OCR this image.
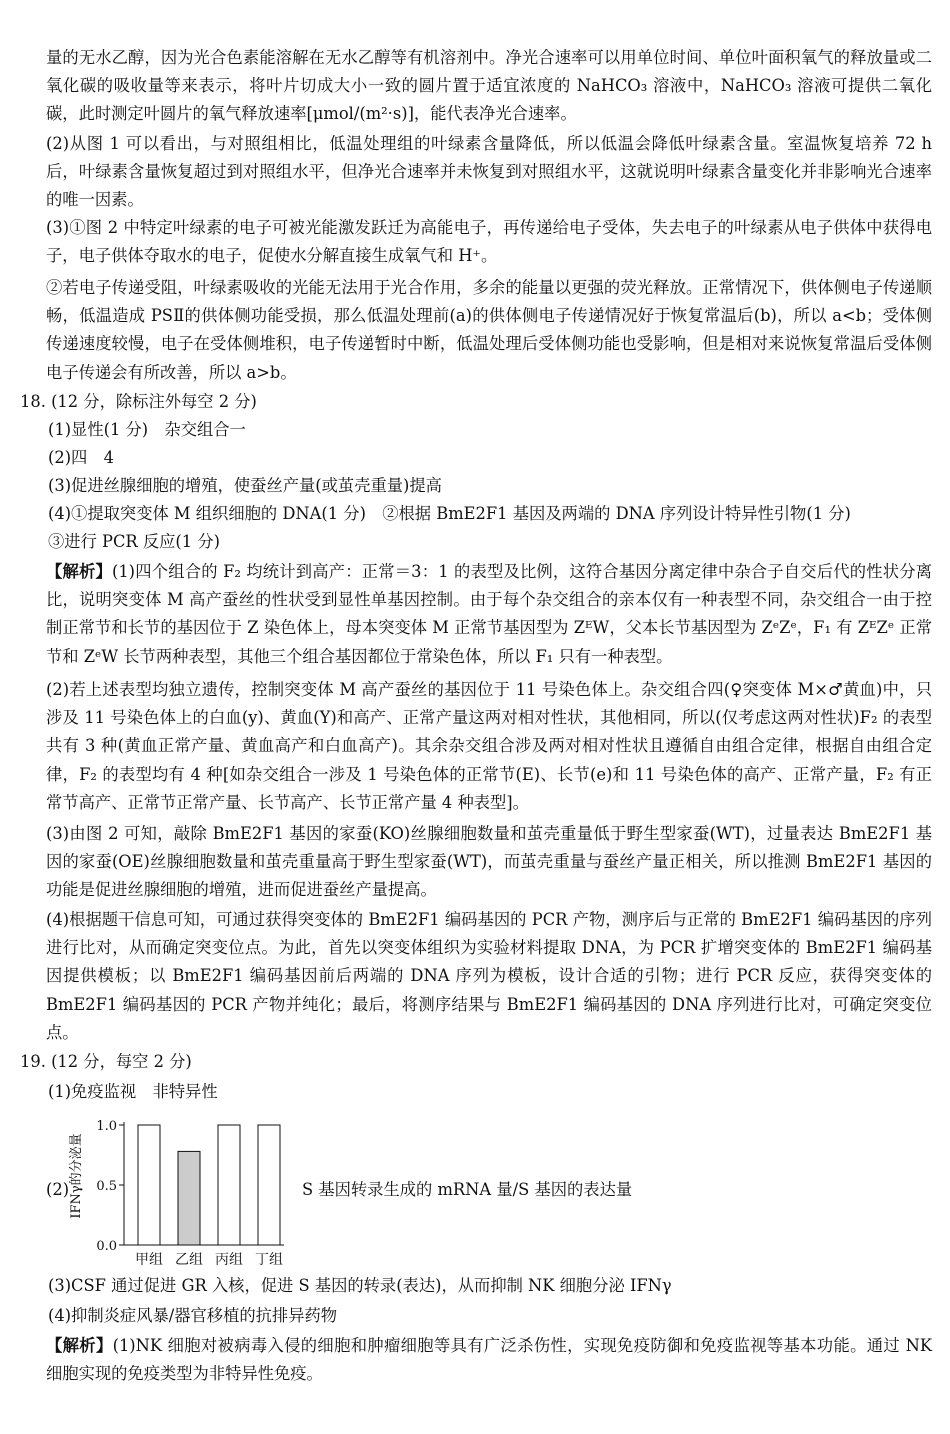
量的无水乙醇，因为光合色素能溶解在无水乙醇等有机溶剂中。净光合速率可以用单位时间、单位叶面积氧气的释放量或二氧化碳的吸收量等来表示，将叶片切成大小一致的圆片置于适宜浓度的 NaHCO₃ 溶液中，NaHCO₃ 溶液可提供二氧化碳，此时测定叶圆片的氧气释放速率[μmol/(m²·s)]，能代表净光合速率。

(2)从图 1 可以看出，与对照组相比，低温处理组的叶绿素含量降低，所以低温会降低叶绿素含量。室温恢复培养 72 h 后，叶绿素含量恢复超过到对照组水平，但净光合速率并未恢复到对照组水平，这就说明叶绿素含量变化并非影响光合速率的唯一因素。

(3)①图 2 中特定叶绿素的电子可被光能激发跃迁为高能电子，再传递给电子受体，失去电子的叶绿素从电子供体中获得电子，电子供体夺取水的电子，促使水分解直接生成氧气和 H⁺。

②若电子传递受阻，叶绿素吸收的光能无法用于光合作用，多余的能量以更强的荧光释放。正常情况下，供体侧电子传递顺畅，低温造成 PSⅡ的供体侧功能受损，那么低温处理前(a)的供体侧电子传递情况好于恢复常温后(b)，所以 a<b；受体侧传递速度较慢，电子在受体侧堆积，电子传递暂时中断，低温处理后受体侧功能也受影响，但是相对来说恢复常温后受体侧电子传递会有所改善，所以 a>b。

18. (12 分，除标注外每空 2 分)

(1)显性(1 分)　杂交组合一

(2)四　4

(3)促进丝腺细胞的增殖，使蚕丝产量(或茧壳重量)提高

(4)①提取突变体 M 组织细胞的 DNA(1 分)　②根据 BmE2F1 基因及两端的 DNA 序列设计特异性引物(1 分)

③进行 PCR 反应(1 分)

【解析】(1)四个组合的 F₂ 均统计到高产：正常＝3：1 的表型及比例，这符合基因分离定律中杂合子自交后代的性状分离比，说明突变体 M 高产蚕丝的性状受到显性单基因控制。由于每个杂交组合的亲本仅有一种表型不同，杂交组合一由于控制正常节和长节的基因位于 Z 染色体上，母本突变体 M 正常节基因型为 ZᴱW，父本长节基因型为 ZᵉZᵉ，F₁ 有 ZᴱZᵉ 正常节和 ZᵉW 长节两种表型，其他三个组合基因都位于常染色体，所以 F₁ 只有一种表型。

(2)若上述表型均独立遗传，控制突变体 M 高产蚕丝的基因位于 11 号染色体上。杂交组合四(♀突变体 M×♂黄血)中，只涉及 11 号染色体上的白血(y)、黄血(Y)和高产、正常产量这两对相对性状，其他相同，所以(仅考虑这两对性状)F₂ 的表型共有 3 种(黄血正常产量、黄血高产和白血高产)。其余杂交组合涉及两对相对性状且遵循自由组合定律，根据自由组合定律，F₂ 的表型均有 4 种[如杂交组合一涉及 1 号染色体的正常节(E)、长节(e)和 11 号染色体的高产、正常产量，F₂ 有正常节高产、正常节正常产量、长节高产、长节正常产量 4 种表型]。

(3)由图 2 可知，敲除 BmE2F1 基因的家蚕(KO)丝腺细胞数量和茧壳重量低于野生型家蚕(WT)，过量表达 BmE2F1 基因的家蚕(OE)丝腺细胞数量和茧壳重量高于野生型家蚕(WT)，而茧壳重量与蚕丝产量正相关，所以推测 BmE2F1 基因的功能是促进丝腺细胞的增殖，进而促进蚕丝产量提高。

(4)根据题干信息可知，可通过获得突变体的 BmE2F1 编码基因的 PCR 产物，测序后与正常的 BmE2F1 编码基因的序列进行比对，从而确定突变位点。为此，首先以突变体组织为实验材料提取 DNA，为 PCR 扩增突变体的 BmE2F1 编码基因提供模板；以 BmE2F1 编码基因前后两端的 DNA 序列为模板，设计合适的引物；进行 PCR 反应，获得突变体的 BmE2F1 编码基因的 PCR 产物并纯化；最后，将测序结果与 BmE2F1 编码基因的 DNA 序列进行比对，可确定突变位点。

19. (12 分，每空 2 分)

(1)免疫监视　非特异性

(2) IFNγ的分泌量
0.0
0.5
1.0
甲组 乙组 丙组 丁组
S 基因转录生成的 mRNA 量/S 基因的表达量

(3)CSF 通过促进 GR 入核，促进 S 基因的转录(表达)，从而抑制 NK 细胞分泌 IFNγ

(4)抑制炎症风暴/器官移植的抗排异药物

【解析】(1)NK 细胞对被病毒入侵的细胞和肿瘤细胞等具有广泛杀伤性，实现免疫防御和免疫监视等基本功能。通过 NK 细胞实现的免疫类型为非特异性免疫。
